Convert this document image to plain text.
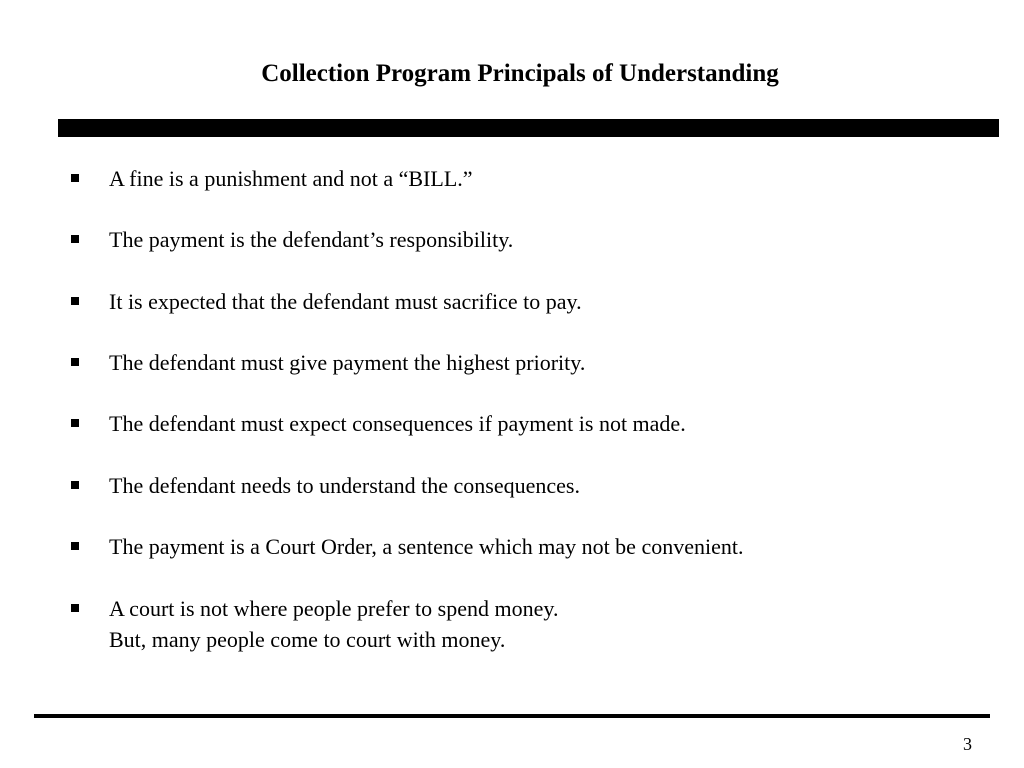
Collection Program Principals of Understanding
A fine is a punishment and not a “BILL.”
The payment is the defendant’s responsibility.
It is expected that the defendant must sacrifice to pay.
The defendant must give payment the highest priority.
The defendant must expect consequences if payment is not made.
The defendant needs to understand the consequences.
The payment is a Court Order, a sentence which may not be convenient.
A court is not where people prefer to spend money.
But, many people come to court with money.
3
